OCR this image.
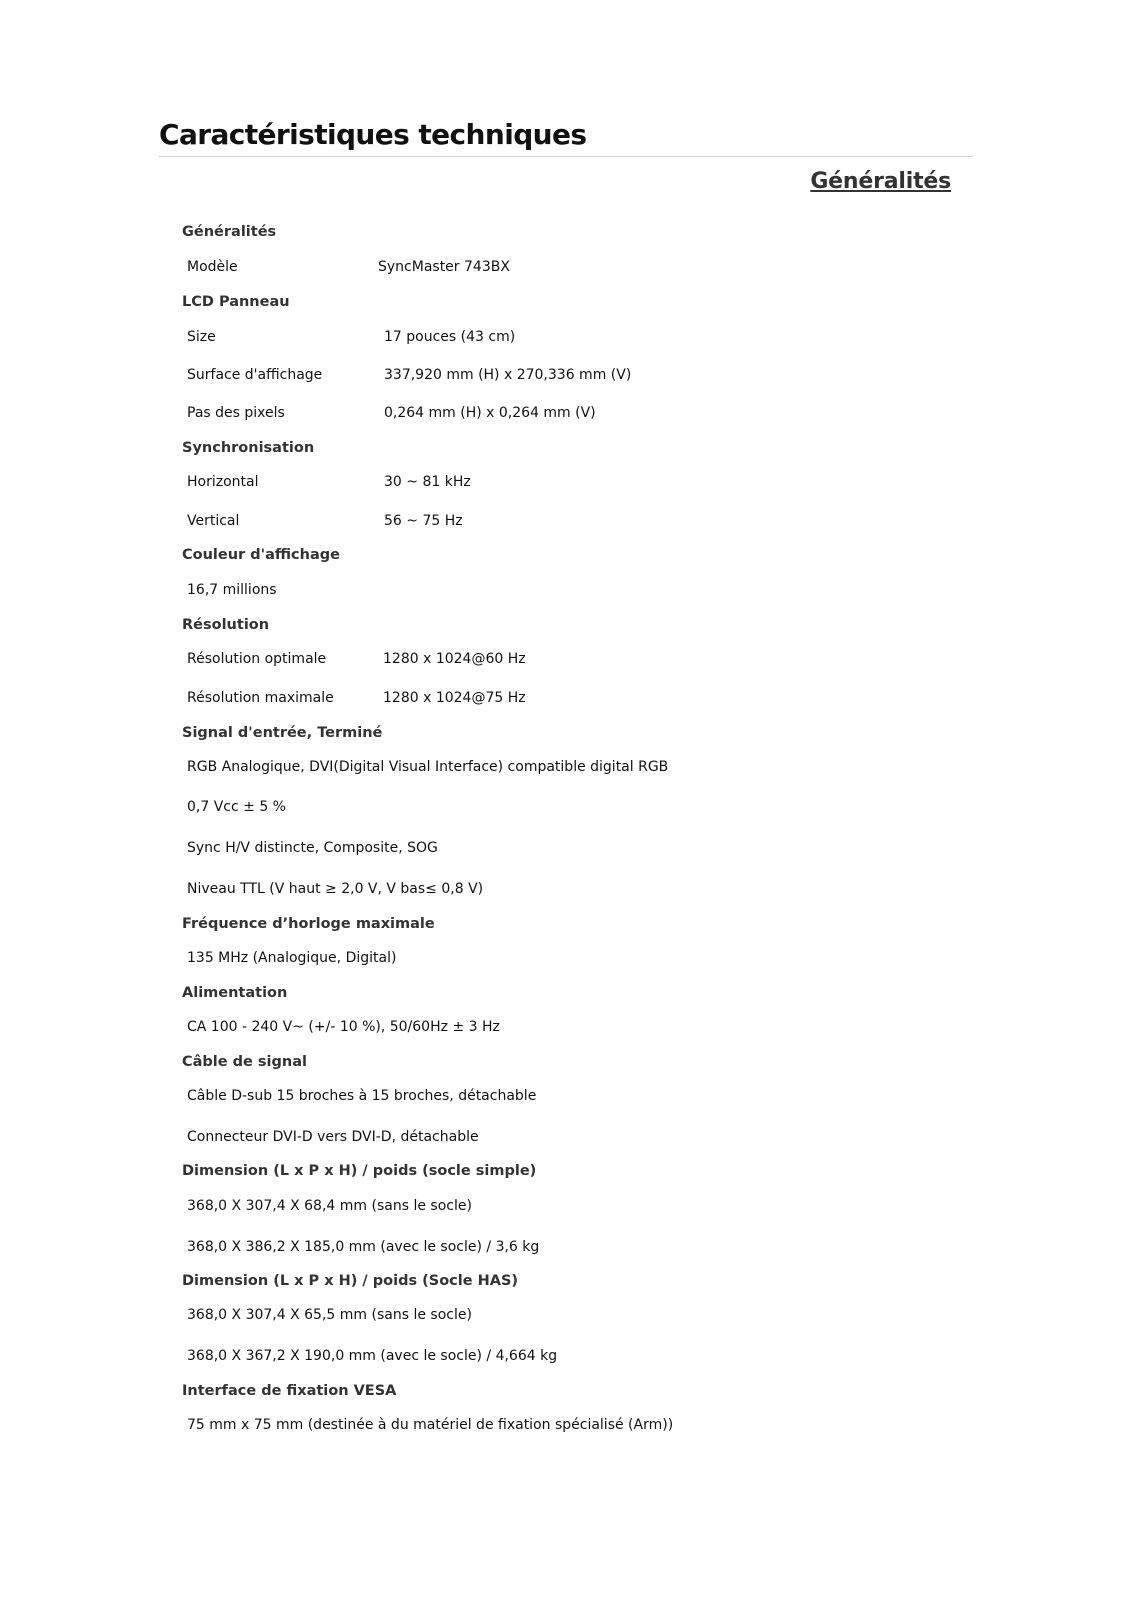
Caractéristiques techniques
Généralités
Généralités
Modèle	SyncMaster 743BX
LCD Panneau
Size	17 pouces (43 cm)
Surface d'affichage	337,920 mm (H) x 270,336 mm (V)
Pas des pixels	0,264 mm (H) x 0,264 mm (V)
Synchronisation
Horizontal	30 ~ 81 kHz
Vertical	56 ~ 75 Hz
Couleur d'affichage
16,7 millions
Résolution
Résolution optimale	1280 x 1024@60 Hz
Résolution maximale	1280 x 1024@75 Hz
Signal d'entrée, Terminé
RGB Analogique, DVI(Digital Visual Interface) compatible digital RGB
0,7 Vcc ± 5 %
Sync H/V distincte, Composite, SOG
Niveau TTL (V haut ≥ 2,0 V, V bas≤ 0,8 V)
Fréquence d’horloge maximale
135 MHz (Analogique, Digital)
Alimentation
CA 100 - 240 V~ (+/- 10 %), 50/60Hz ± 3 Hz
Câble de signal
Câble D-sub 15 broches à 15 broches, détachable
Connecteur DVI-D vers DVI-D, détachable
Dimension (L x P x H) / poids (socle simple)
368,0 X 307,4 X 68,4 mm (sans le socle)
368,0 X 386,2 X 185,0 mm (avec le socle) / 3,6 kg
Dimension (L x P x H) / poids (Socle HAS)
368,0 X 307,4 X 65,5 mm (sans le socle)
368,0 X 367,2 X 190,0 mm (avec le socle) / 4,664 kg
Interface de fixation VESA
75 mm x 75 mm (destinée à du matériel de fixation spécialisé (Arm))
